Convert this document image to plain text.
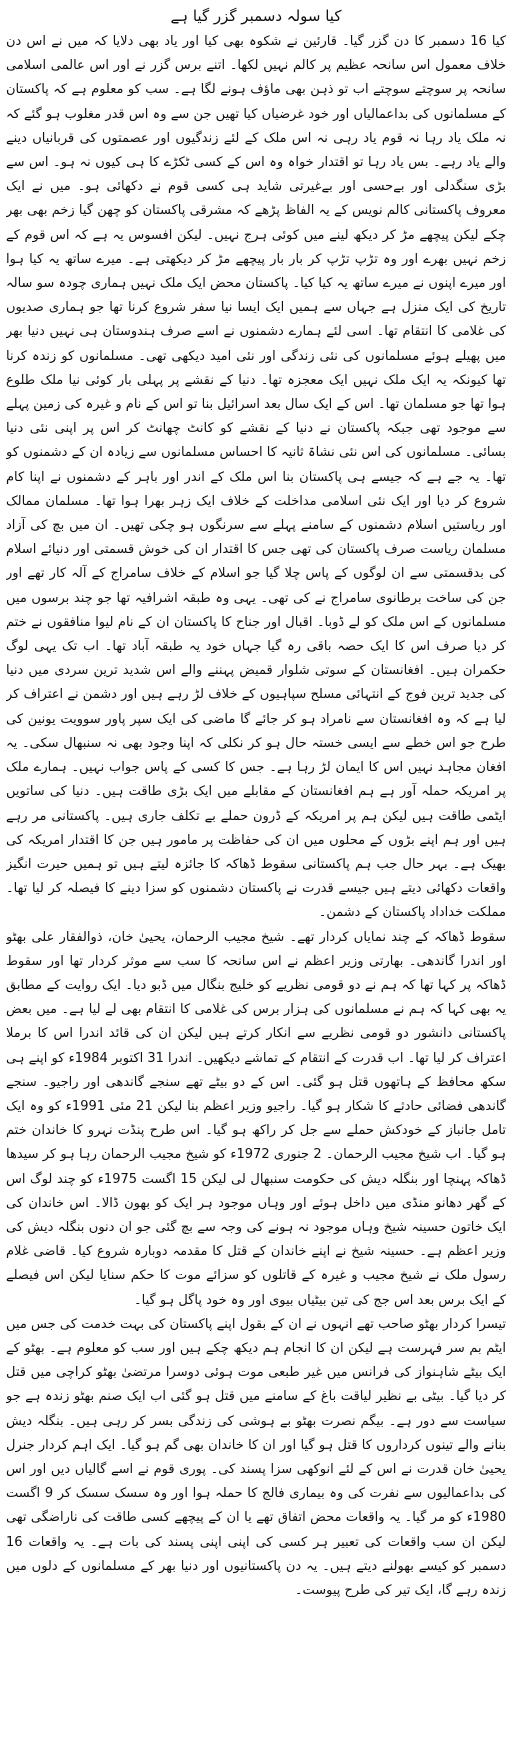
کیا سولہ دسمبر گزر گیا ہے

کیا 16 دسمبر کا دن گزر گیا۔ قارئین نے شکوہ بھی کیا اور یاد بھی دلایا کہ میں نے اس دن خلاف معمول اس سانحہ عظیم پر کالم نہیں لکھا۔ اتنے برس گزر نے اور اس عالمی اسلامی سانحہ پر سوچتے سوچتے اب تو ذہن بھی ماؤف ہونے لگا ہے۔ سب کو معلوم ہے کہ پاکستان کے مسلمانوں کی بداعمالیاں اور خود غرضیاں کیا تھیں جن سے وہ اس قدر مغلوب ہو گئے کہ نہ ملک یاد رہا نہ قوم یاد رہی نہ اس ملک کے لئے زندگیوں اور عصمتوں کی قربانیاں دینے والے یاد رہے۔ بس یاد رہا تو اقتدار خواہ وہ اس کے کسی ٹکڑے کا ہی کیوں نہ ہو۔ اس سے بڑی سنگدلی اور بےحسی اور بےغیرتی شاید ہی کسی قوم نے دکھائی ہو۔ میں نے ایک معروف پاکستانی کالم نویس کے یہ الفاظ پڑھے کہ مشرقی پاکستان کو چھن گیا زخم بھی بھر چکے لیکن پیچھے مڑ کر دیکھ لینے میں کوئی ہرج نہیں۔ لیکن افسوس یہ ہے کہ اس قوم کے زخم نہیں بھرے اور وہ تڑپ تڑپ کر بار بار پیچھے مڑ کر دیکھتی ہے۔ میرے ساتھ یہ کیا ہوا اور میرے اپنوں نے میرے ساتھ یہ کیا کیا۔ پاکستان محض ایک ملک نہیں ہماری چودہ سو سالہ تاریخ کی ایک منزل ہے جہاں سے ہمیں ایک ایسا نیا سفر شروع کرنا تھا جو ہماری صدیوں کی غلامی کا انتقام تھا۔ اسی لئے ہمارے دشمنوں نے اسے صرف ہندوستان ہی نہیں دنیا بھر میں پھیلے ہوئے مسلمانوں کی نئی زندگی اور نئی امید دیکھی تھی۔ مسلمانوں کو زندہ کرنا تھا کیونکہ یہ ایک ملک نہیں ایک معجزہ تھا۔ دنیا کے نقشے پر پہلی بار کوئی نیا ملک طلوع ہوا تھا جو مسلمان تھا۔ اس کے ایک سال بعد اسرائیل بنا تو اس کے نام و غیرہ کی زمین پہلے سے موجود تھی جبکہ پاکستان نے دنیا کے نقشے کو کانٹ چھانٹ کر اس پر اپنی نئی دنیا بسائی۔ مسلمانوں کی اس نئی نشاۃ ثانیہ کا احساس مسلمانوں سے زیادہ ان کے دشمنوں کو تھا۔ یہ جے ہے کہ جیسے ہی پاکستان بنا اس ملک کے اندر اور باہر کے دشمنوں نے اپنا کام شروع کر دیا اور ایک نئی اسلامی مداخلت کے خلاف ایک زہر بھرا ہوا تھا۔ مسلمان ممالک اور ریاستیں اسلام دشمنوں کے سامنے پہلے سے سرنگوں ہو چکی تھیں۔ ان میں بچ کی آزاد مسلمان ریاست صرف پاکستان کی تھی جس کا اقتدار ان کی خوش قسمتی اور دنیائے اسلام کی بدقسمتی سے ان لوگوں کے پاس چلا گیا جو اسلام کے خلاف سامراج کے آلہ کار تھے اور جن کی ساخت برطانوی سامراج نے کی تھی۔ یہی وہ طبقہ اشرافیہ تھا جو چند برسوں میں مسلمانوں کے اس ملک کو لے ڈوبا۔ اقبال اور جناح کا پاکستان ان کے نام لیوا منافقوں نے ختم کر دیا صرف اس کا ایک حصہ باقی رہ گیا جہاں خود یہ طبقہ آباد تھا۔ اب تک یہی لوگ حکمران ہیں۔ افغانستان کے سوتی شلوار قمیض پہننے والے اس شدید ترین سردی میں دنیا کی جدید ترین فوج کے انتہائی مسلح سپاہیوں کے خلاف لڑ رہے ہیں اور دشمن نے اعتراف کر لیا ہے کہ وہ افغانستان سے نامراد ہو کر جائے گا ماضی کی ایک سپر پاور سوویت یونین کی طرح جو اس خطے سے ایسی خستہ حال ہو کر نکلی کہ اپنا وجود بھی نہ سنبھال سکی۔ یہ افغان مجاہد نہیں اس کا ایمان لڑ رہا ہے۔ جس کا کسی کے پاس جواب نہیں۔ ہمارے ملک پر امریکہ حملہ آور ہے ہم افغانستان کے مقابلے میں ایک بڑی طاقت ہیں۔ دنیا کی ساتویں ایٹمی طاقت ہیں لیکن ہم پر امریکہ کے ڈرون حملے بے تکلف جاری ہیں۔ پاکستانی مر رہے ہیں اور ہم اپنے بڑوں کے محلوں میں ان کی حفاظت پر مامور ہیں جن کا اقتدار امریکہ کی بھیک ہے۔ بہر حال جب ہم پاکستانی سقوط ڈھاکہ کا جائزہ لیتے ہیں تو ہمیں حیرت انگیز واقعات دکھائی دیتے ہیں جیسے قدرت نے پاکستان دشمنوں کو سزا دینے کا فیصلہ کر لیا تھا۔ مملکت خداداد پاکستان کے دشمن۔

سقوط ڈھاکہ کے چند نمایاں کردار تھے۔ شیخ مجیب الرحمان، یحییٰ خان، ذوالفقار علی بھٹو اور اندرا گاندھی۔ بھارتی وزیر اعظم نے اس سانحہ کا سب سے موثر کردار تھا اور سقوط ڈھاکہ پر کہا تھا کہ ہم نے دو قومی نظریے کو خلیج بنگال میں ڈبو دیا۔ ایک روایت کے مطابق یہ بھی کہا کہ ہم نے مسلمانوں کی ہزار برس کی غلامی کا انتقام بھی لے لیا ہے۔ میں بعض پاکستانی دانشور دو قومی نظریے سے انکار کرتے ہیں لیکن ان کی قائد اندرا اس کا برملا اعتراف کر لیا تھا۔ اب قدرت کے انتقام کے تماشے دیکھیں۔ اندرا 31 اکتوبر 1984ء کو اپنے ہی سکھ محافظ کے ہاتھوں قتل ہو گئی۔ اس کے دو بیٹے تھے سنجے گاندھی اور راجیو۔ سنجے گاندھی فضائی حادثے کا شکار ہو گیا۔ راجیو وزیر اعظم بنا لیکن 21 مئی 1991ء کو وہ ایک تامل جانباز کے خودکش حملے سے جل کر راکھ ہو گیا۔ اس طرح پنڈت نہرو کا خاندان ختم ہو گیا۔ اب شیخ مجیب الرحمان۔ 2 جنوری 1972ء کو شیخ مجیب الرحمان رہا ہو کر سیدھا ڈھاکہ پہنچا اور بنگلہ دیش کی حکومت سنبھال لی لیکن 15 اگست 1975ء کو چند لوگ اس کے گھر دھانو منڈی میں داخل ہوئے اور وہاں موجود ہر ایک کو بھون ڈالا۔ اس خاندان کی ایک خاتون حسینہ شیخ وہاں موجود نہ ہونے کی وجہ سے بچ گئی جو ان دنوں بنگلہ دیش کی وزیر اعظم ہے۔ حسینہ شیخ نے اپنے خاندان کے قتل کا مقدمہ دوبارہ شروع کیا۔ قاضی غلام رسول ملک نے شیخ مجیب و غیرہ کے قاتلوں کو سزائے موت کا حکم سنایا لیکن اس فیصلے کے ایک برس بعد اس جج کی تین بیٹیاں بیوی اور وہ خود پاگل ہو گیا۔

تیسرا کردار بھٹو صاحب تھے انہوں نے ان کے بقول اپنے پاکستان کی بہت خدمت کی جس میں ایٹم بم سر فہرست ہے لیکن ان کا انجام ہم دیکھ چکے ہیں اور سب کو معلوم ہے۔ بھٹو کے ایک بیٹے شاہنواز کی فرانس میں غیر طبعی موت ہوئی دوسرا مرتضیٰ بھٹو کراچی میں قتل کر دیا گیا۔ بیٹی بے نظیر لیاقت باغ کے سامنے میں قتل ہو گئی اب ایک صنم بھٹو زندہ ہے جو سیاست سے دور ہے۔ بیگم نصرت بھٹو بے ہوشی کی زندگی بسر کر رہی ہیں۔ بنگلہ دیش بنانے والے تینوں کرداروں کا قتل ہو گیا اور ان کا خاندان بھی گم ہو گیا۔ ایک اہم کردار جنرل یحییٰ خان قدرت نے اس کے لئے انوکھی سزا پسند کی۔ پوری قوم نے اسے گالیاں دیں اور اس کی بداعمالیوں سے نفرت کی وہ بیماری فالج کا حملہ ہوا اور وہ سسک سسک کر 9 اگست 1980ء کو مر گیا۔ یہ واقعات محض اتفاق تھے یا ان کے پیچھے کسی طاقت کی ناراضگی تھی لیکن ان سب واقعات کی تعبیر ہر کسی کی اپنی اپنی پسند کی بات ہے۔ یہ واقعات 16 دسمبر کو کیسے بھولنے دیتے ہیں۔ یہ دن پاکستانیوں اور دنیا بھر کے مسلمانوں کے دلوں میں زندہ رہے گا، ایک تیر کی طرح پیوست۔
